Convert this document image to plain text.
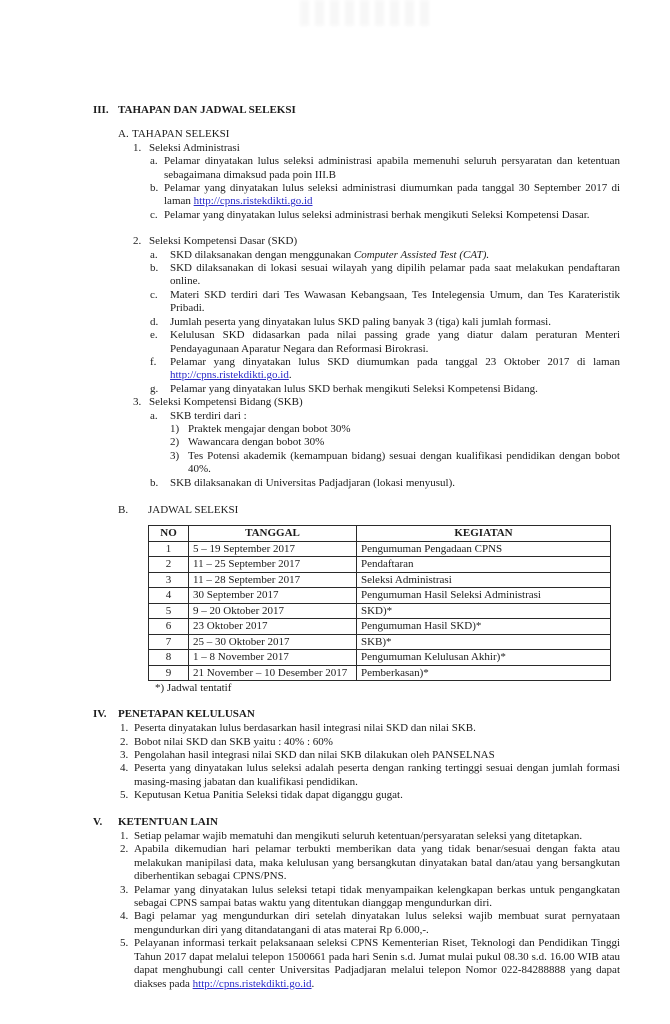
III. TAHAPAN DAN JADWAL SELEKSI
A. TAHAPAN SELEKSI
1. Seleksi Administrasi
a. Pelamar dinyatakan lulus seleksi administrasi apabila memenuhi seluruh persyaratan dan ketentuan sebagaimana dimaksud pada poin III.B
b. Pelamar yang dinyatakan lulus seleksi administrasi diumumkan pada tanggal 30 September 2017 di laman http://cpns.ristekdikti.go.id
c. Pelamar yang dinyatakan lulus seleksi administrasi berhak mengikuti Seleksi Kompetensi Dasar.
2. Seleksi Kompetensi Dasar (SKD)
a.	SKD dilaksanakan dengan menggunakan Computer Assisted Test (CAT).
b.	SKD dilaksanakan di lokasi sesuai wilayah yang dipilih pelamar pada saat melakukan pendaftaran online.
c.	Materi SKD terdiri dari Tes Wawasan Kebangsaan, Tes Intelegensia Umum, dan Tes Karateristik Pribadi.
d.	Jumlah peserta yang dinyatakan lulus SKD paling banyak 3 (tiga) kali jumlah formasi.
e.	Kelulusan SKD didasarkan pada nilai passing grade yang diatur dalam peraturan Menteri Pendayagunaan Aparatur Negara dan Reformasi Birokrasi.
f.	Pelamar yang dinyatakan lulus SKD diumumkan pada tanggal 23 Oktober 2017 di laman http://cpns.ristekdikti.go.id.
g.	Pelamar yang dinyatakan lulus SKD berhak mengikuti Seleksi Kompetensi Bidang.
3. Seleksi Kompetensi Bidang (SKB)
a.	SKB terdiri dari :
1) Praktek mengajar dengan bobot 30%
2) Wawancara dengan bobot 30%
3) Tes Potensi akademik (kemampuan bidang) sesuai dengan kualifikasi pendidikan dengan bobot 40%.
b.	SKB dilaksanakan di Universitas Padjadjaran (lokasi menyusul).
B.	JADWAL SELEKSI
NO	TANGGAL	KEGIATAN
1	5 – 19 September 2017	Pengumuman Pengadaan CPNS
2	11 – 25 September 2017	Pendaftaran
3	11 – 28 September 2017	Seleksi Administrasi
4	30 September 2017	Pengumuman Hasil Seleksi Administrasi
5	9 – 20 Oktober 2017	SKD)*
6	23 Oktober 2017	Pengumuman Hasil SKD)*
7	25 – 30 Oktober 2017	SKB)*
8	1 – 8 November 2017	Pengumuman Kelulusan Akhir)*
9	21 November – 10 Desember 2017	Pemberkasan)*
*) Jadwal tentatif
IV.	PENETAPAN KELULUSAN
1. Peserta dinyatakan lulus berdasarkan hasil integrasi nilai SKD dan nilai SKB.
2. Bobot nilai SKD dan SKB yaitu : 40% : 60%
3. Pengolahan hasil integrasi nilai SKD dan nilai SKB dilakukan oleh PANSELNAS
4. Peserta yang dinyatakan lulus seleksi adalah peserta dengan ranking tertinggi sesuai dengan jumlah formasi masing-masing jabatan dan kualifikasi pendidikan.
5. Keputusan Ketua Panitia Seleksi tidak dapat diganggu gugat.
V.	KETENTUAN LAIN
1. Setiap pelamar wajib mematuhi dan mengikuti seluruh ketentuan/persyaratan seleksi yang ditetapkan.
2. Apabila dikemudian hari pelamar terbukti memberikan data yang tidak benar/sesuai dengan fakta atau melakukan manipilasi data, maka kelulusan yang bersangkutan dinyatakan batal dan/atau yang bersangkutan diberhentikan sebagai CPNS/PNS.
3. Pelamar yang dinyatakan lulus seleksi tetapi tidak menyampaikan kelengkapan berkas untuk pengangkatan sebagai CPNS sampai batas waktu yang ditentukan dianggap mengundurkan diri.
4. Bagi pelamar yag mengundurkan diri setelah dinyatakan lulus seleksi wajib membuat surat pernyataan mengundurkan diri yang ditandatangani di atas materai Rp 6.000,-.
5. Pelayanan informasi terkait pelaksanaan seleksi CPNS Kementerian Riset, Teknologi dan Pendidikan Tinggi Tahun 2017 dapat melalui telepon 1500661 pada hari Senin s.d. Jumat mulai pukul 08.30 s.d. 16.00 WIB atau dapat menghubungi call center Universitas Padjadjaran melalui telepon Nomor 022-84288888 yang dapat diakses pada http://cpns.ristekdikti.go.id.
